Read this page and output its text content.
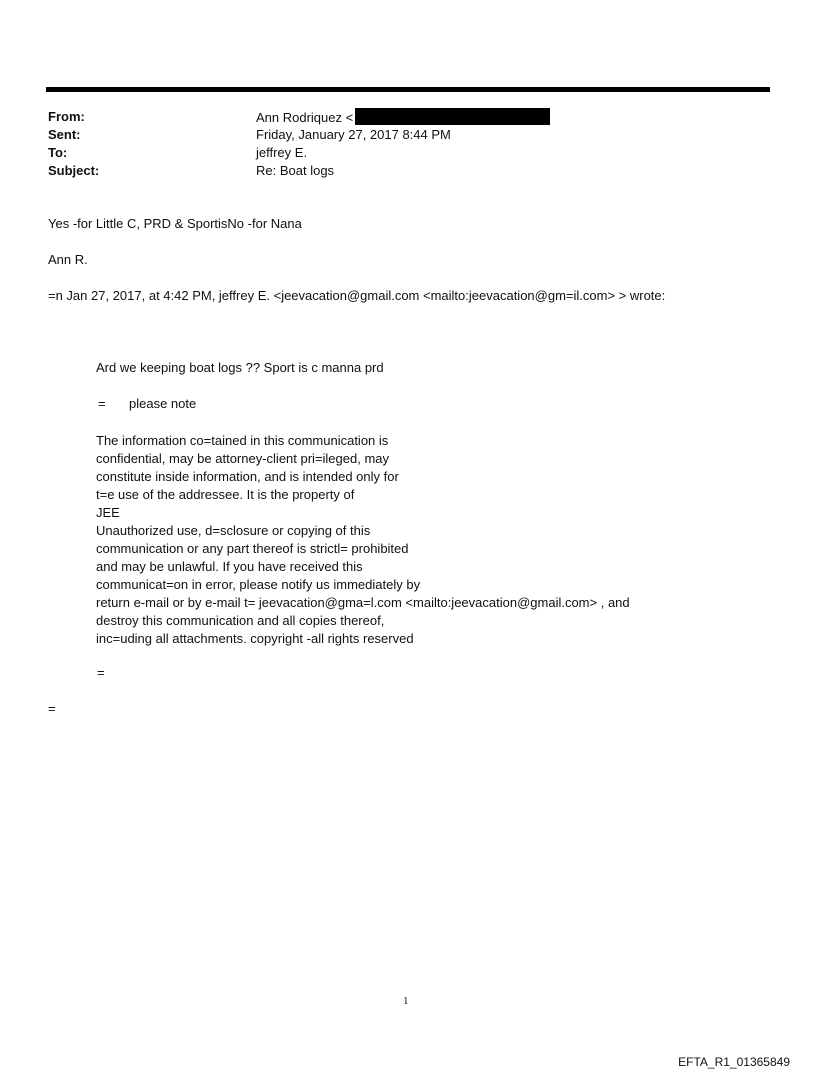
From:	Ann Rodriquez <
Sent:	Friday, January 27, 2017 8:44 PM
To:	jeffrey E.
Subject:	Re: Boat logs
Yes -for Little C, PRD & SportisNo -for Nana
Ann R.
=n Jan 27, 2017, at 4:42 PM, jeffrey E. <jeevacation@gmail.com <mailto:jeevacation@gm=il.com> > wrote:
Ard we keeping boat logs ?? Sport is c manna prd
= please note
The information co=tained in this communication is
confidential, may be attorney-client pri=ileged, may
constitute inside information, and is intended only for
t=e use of the addressee. It is the property of
JEE
Unauthorized use, d=sclosure or copying of this
communication or any part thereof is strictl= prohibited
and may be unlawful. If you have received this
communicat=on in error, please notify us immediately by
return e-mail or by e-mail t= jeevacation@gma=l.com <mailto:jeevacation@gmail.com> , and
destroy this communication and all copies thereof,
inc=uding all attachments. copyright -all rights reserved
=
=
1
EFTA_R1_01365849
